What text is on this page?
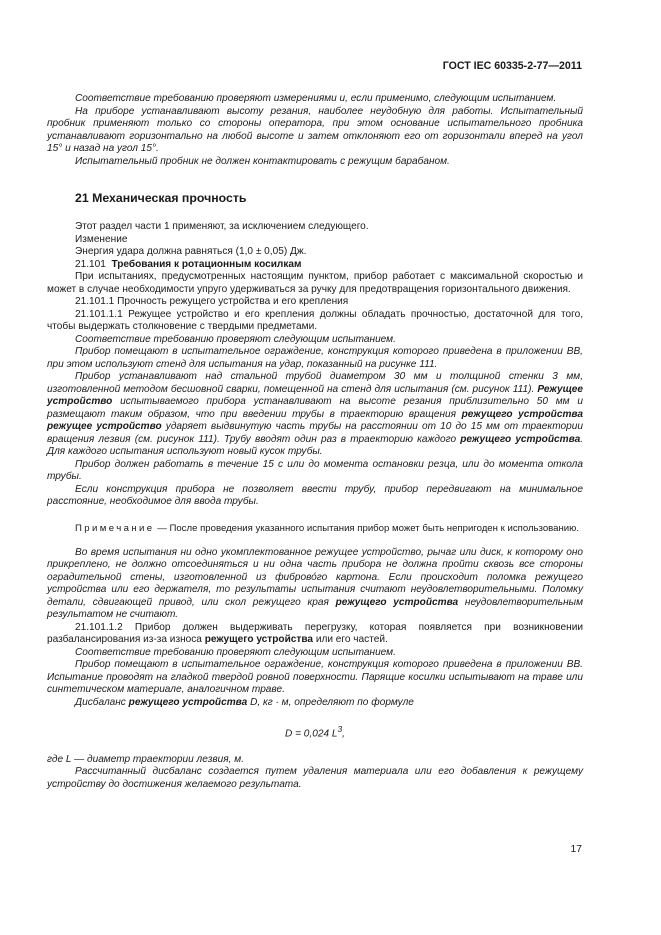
ГОСТ IEC 60335-2-77—2011

Соответствие требованию проверяют измерениями и, если применимо, следующим испытанием.

На приборе устанавливают высоту резания, наиболее неудобную для работы. Испытательный пробник применяют только со стороны оператора, при этом основание испытательного пробника устанавливают горизонтально на любой высоте и затем отклоняют его от горизонтали вперед на угол 15° и назад на угол 15°.

Испытательный пробник не должен контактировать с режущим барабаном.

21 Механическая прочность

Этот раздел части 1 применяют, за исключением следующего.

Изменение

Энергия удара должна равняться (1,0 ± 0,05) Дж.

21.101 Требования к ротационным косилкам

При испытаниях, предусмотренных настоящим пунктом, прибор работает с максимальной скоростью и может в случае необходимости упруго удерживаться за ручку для предотвращения горизонтального движения.

21.101.1 Прочность режущего устройства и его крепления

21.101.1.1 Режущее устройство и его крепления должны обладать прочностью, достаточной для того, чтобы выдержать столкновение с твердыми предметами.

Соответствие требованию проверяют следующим испытанием.

Прибор помещают в испытательное ограждение, конструкция которого приведена в приложении ВВ, при этом используют стенд для испытания на удар, показанный на рисунке 111.

Прибор устанавливают над стальной трубой диаметром 30 мм и толщиной стенки 3 мм, изготовленной методом бесшовной сварки, помещенной на стенд для испытания (см. рисунок 111). Режущее устройство испытываемого прибора устанавливают на высоте резания приблизительно 50 мм и размещают таким образом, что при введении трубы в траекторию вращения режущего устройства режущее устройство ударяет выдвинутую часть трубы на расстоянии от 10 до 15 мм от траектории вращения лезвия (см. рисунок 111). Трубу вводят один раз в траекторию каждого режущего устройства. Для каждого испытания используют новый кусок трубы.

Прибор должен работать в течение 15 с или до момента остановки резца, или до момента откола трубы.

Если конструкция прибора не позволяет ввести трубу, прибор передвигают на минимальное расстояние, необходимое для ввода трубы.

Примечание — После проведения указанного испытания прибор может быть непригоден к использованию.

Во время испытания ни одно укомплектованное режущее устройство, рычаг или диск, к которому оно прикреплено, не должно отсоединяться и ни одна часть прибора не должна пройти сквозь все стороны оградительной стены, изготовленной из фиброво́го картона. Если происходит поломка режущего устройства или его держателя, то результаты испытания считают неудовлетворительными. Поломку детали, сдвигающей привод, или скол режущего края режущего устройства неудовлетворительным результатом не считают.

21.101.1.2 Прибор должен выдерживать перегрузку, которая появляется при возникновении разбалансирования из-за износа режущего устройства или его частей.

Соответствие требованию проверяют следующим испытанием.

Прибор помещают в испытательное ограждение, конструкция которого приведена в приложении ВВ. Испытание проводят на гладкой твердой ровной поверхности. Парящие косилки испытывают на траве или синтетическом материале, аналогичном траве.

Дисбаланс режущего устройства D, кг · м, определяют по формуле

D = 0,024 $L^3$,

где L — диаметр траектории лезвия, м.

Рассчитанный дисбаланс создается путем удаления материала или его добавления к режущему устройству до достижения желаемого результата.

17
